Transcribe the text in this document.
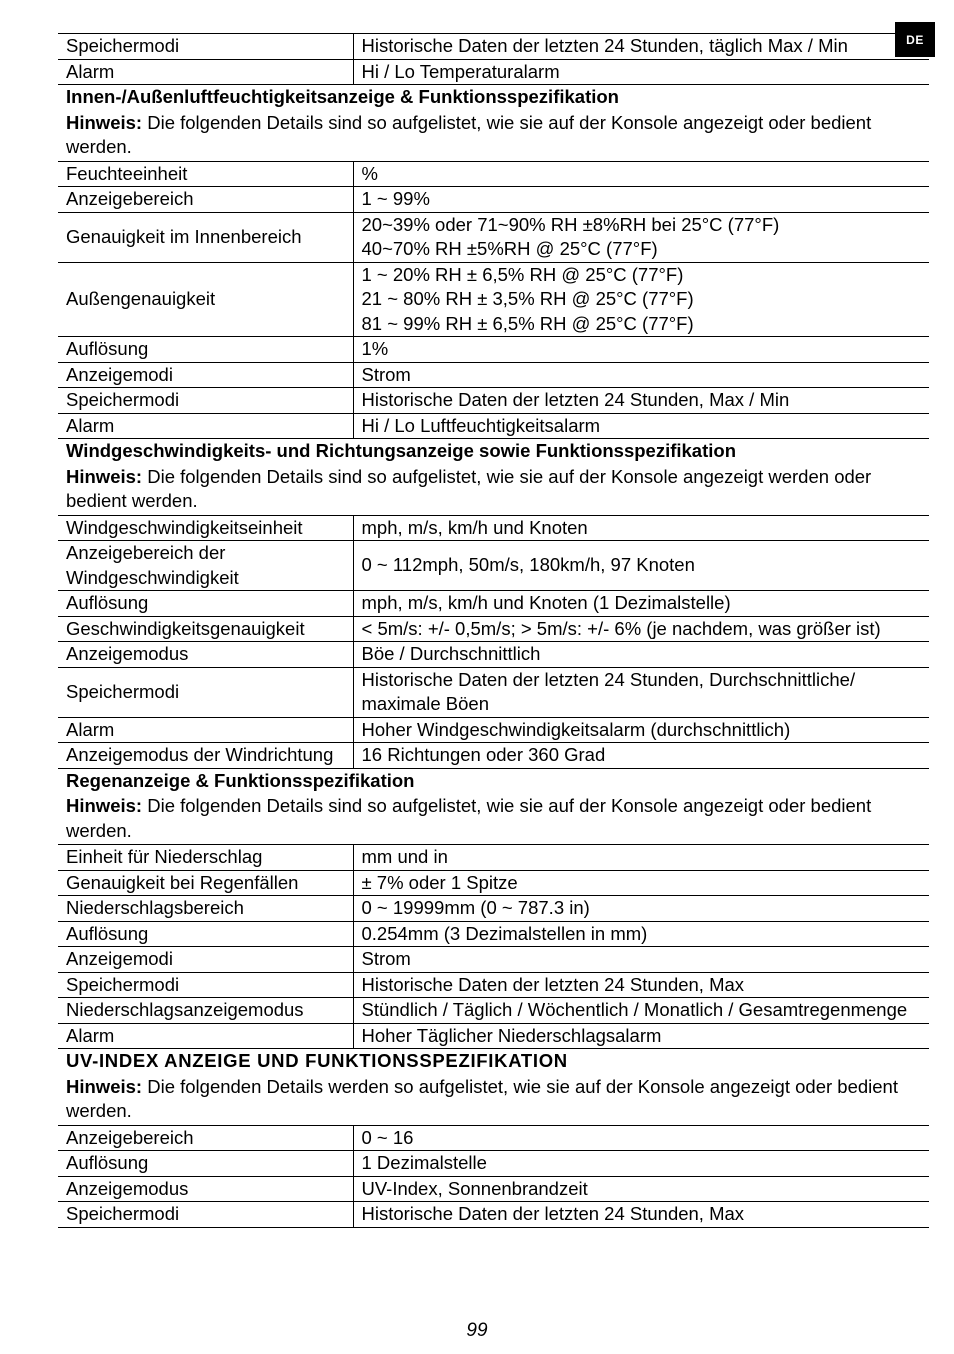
DE
Speichermodi	Historische Daten der letzten 24 Stunden, täglich Max / Min

Alarm	Hi / Lo Temperaturalarm

Innen-/Außenluftfeuchtigkeitsanzeige & Funktionsspezifikation	

Hinweis: Die folgenden Details sind so aufgelistet, wie sie auf der Konsole angezeigt oder bedient werden.	
Feuchteeinheit	%

Anzeigebereich	1 ~ 99%

Genauigkeit im Innenbereich	20~39% oder 71~90% RH ±8%RH bei 25°C (77°F)
40~70% RH ±5%RH @ 25°C (77°F)

Außengenauigkeit	1 ~ 20% RH ± 6,5% RH @ 25°C (77°F)
21 ~ 80% RH ± 3,5% RH @ 25°C (77°F)
81 ~ 99% RH ± 6,5% RH @ 25°C (77°F)

Auflösung	1%

Anzeigemodi	Strom

Speichermodi	Historische Daten der letzten 24 Stunden, Max / Min

Alarm	Hi / Lo Luftfeuchtigkeitsalarm

Windgeschwindigkeits- und Richtungsanzeige sowie Funktionsspezifikation	

Hinweis: Die folgenden Details sind so aufgelistet, wie sie auf der Konsole angezeigt werden oder bedient werden.	
Windgeschwindigkeitseinheit	mph, m/s, km/h und Knoten

Anzeigebereich der Windgeschwindigkeit	0 ~ 112mph, 50m/s, 180km/h, 97 Knoten

Auflösung	mph, m/s, km/h und Knoten (1 Dezimalstelle)

Geschwindigkeitsgenauigkeit	< 5m/s: +/- 0,5m/s; > 5m/s: +/- 6% (je nachdem, was größer ist)

Anzeigemodus	Böe / Durchschnittlich

Speichermodi	Historische Daten der letzten 24 Stunden, Durchschnittliche/ maximale Böen

Alarm	Hoher Windgeschwindigkeitsalarm (durchschnittlich)

Anzeigemodus der Windrichtung	16 Richtungen oder 360 Grad

Regenanzeige & Funktionsspezifikation	

Hinweis: Die folgenden Details sind so aufgelistet, wie sie auf der Konsole angezeigt oder bedient werden.	
Einheit für Niederschlag	mm und in

Genauigkeit bei Regenfällen	± 7% oder 1 Spitze

Niederschlagsbereich	0 ~ 19999mm (0 ~ 787.3 in)

Auflösung	0.254mm (3 Dezimalstellen in mm)

Anzeigemodi	Strom

Speichermodi	Historische Daten der letzten 24 Stunden, Max

Niederschlagsanzeigemodus	Stündlich / Täglich / Wöchentlich / Monatlich / Gesamtregenmenge

Alarm	Hoher Täglicher Niederschlagsalarm

UV-INDEX ANZEIGE UND FUNKTIONSSPEZIFIKATION	

Hinweis: Die folgenden Details werden so aufgelistet, wie sie auf der Konsole angezeigt oder bedient werden.	
Anzeigebereich	0 ~ 16

Auflösung	1 Dezimalstelle

Anzeigemodus	UV-Index, Sonnenbrandzeit

Speichermodi	Historische Daten der letzten 24 Stunden, Max
99
